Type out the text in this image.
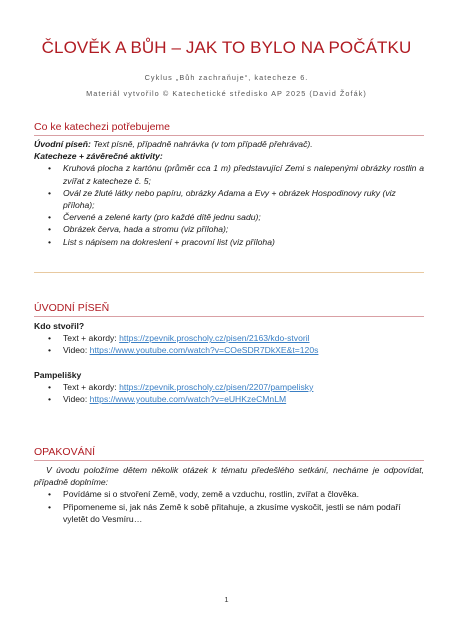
ČLOVĚK A BŮH – JAK TO BYLO NA POČÁTKU
Cyklus „Bůh zachraňuje“, katecheze 6.
Materiál vytvořilo © Katechetické středisko AP 2025 (David Žofák)
Co ke katechezi potřebujeme
Úvodní píseň: Text písně, případně nahrávka (v tom případě přehrávač).
Katecheze + závěrečné aktivity:
• Kruhová plocha z kartónu (průměr cca 1 m) představující Zemi s nalepenými obrázky rostlin a zvířat z katecheze č. 5;
• Ovál ze žluté látky nebo papíru, obrázky Adama a Evy + obrázek Hospodinovy ruky (viz příloha);
• Červené a zelené karty (pro každé dítě jednu sadu);
• Obrázek červa, hada a stromu (viz příloha);
• List s nápisem na dokreslení + pracovní list (viz příloha)
ÚVODNÍ PÍSEŇ
Kdo stvořil?
• Text + akordy: https://zpevnik.proscholy.cz/pisen/2163/kdo-stvoril
• Video: https://www.youtube.com/watch?v=COeSDR7DkXE&t=120s
Pampelišky
• Text + akordy: https://zpevnik.proscholy.cz/pisen/2207/pampelisky
• Video: https://www.youtube.com/watch?v=eUHKzeCMnLM
OPAKOVÁNÍ
V úvodu položíme dětem několik otázek k tématu předešlého setkání, necháme je odpovídat, případně doplníme:
• Povídáme si o stvoření Země, vody, země a vzduchu, rostlin, zvířat a člověka.
• Připomeneme si, jak nás Země k sobě přitahuje, a zkusíme vyskočit, jestli se nám podaří vyletět do Vesmíru…
1
